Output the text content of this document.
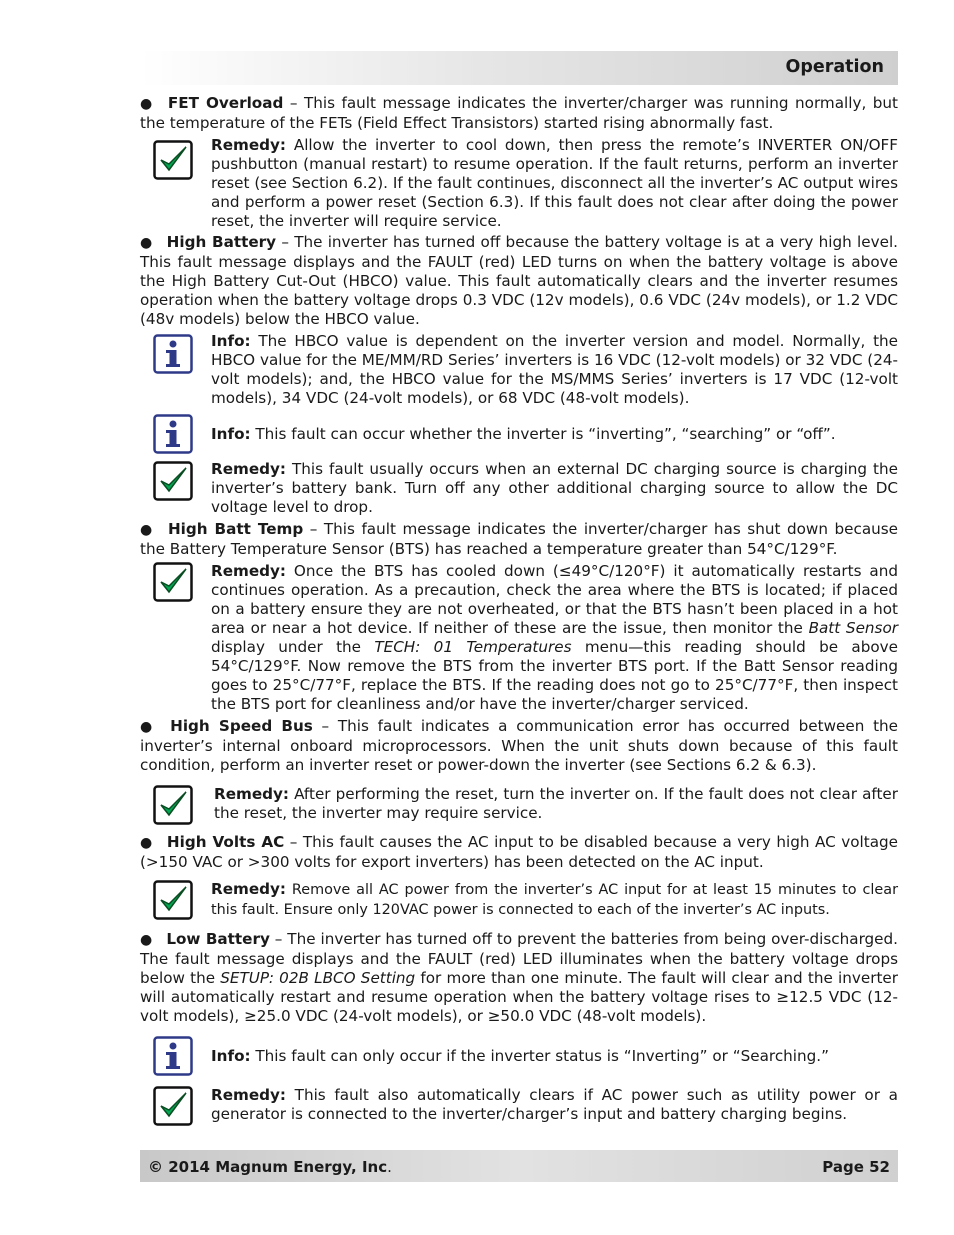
Operation

● FET Overload – This fault message indicates the inverter/charger was running normally, but the temperature of the FETs (Field Effect Transistors) started rising abnormally fast.

Remedy: Allow the inverter to cool down, then press the remote’s INVERTER ON/OFF pushbutton (manual restart) to resume operation. If the fault returns, perform an inverter reset (see Section 6.2). If the fault continues, disconnect all the inverter’s AC output wires and perform a power reset (Section 6.3). If this fault does not clear after doing the power reset, the inverter will require service.

● High Battery – The inverter has turned off because the battery voltage is at a very high level. This fault message displays and the FAULT (red) LED turns on when the battery voltage is above the High Battery Cut-Out (HBCO) value. This fault automatically clears and the inverter resumes operation when the battery voltage drops 0.3 VDC (12v models), 0.6 VDC (24v models), or 1.2 VDC (48v models) below the HBCO value.

Info: The HBCO value is dependent on the inverter version and model. Normally, the HBCO value for the ME/MM/RD Series’ inverters is 16 VDC (12-volt models) or 32 VDC (24-volt models); and, the HBCO value for the MS/MMS Series’ inverters is 17 VDC (12-volt models), 34 VDC (24-volt models), or 68 VDC (48-volt models).
Info: This fault can occur whether the inverter is “inverting”, “searching” or “off”.
Remedy: This fault usually occurs when an external DC charging source is charging the inverter’s battery bank. Turn off any other additional charging source to allow the DC voltage level to drop.

● High Batt Temp – This fault message indicates the inverter/charger has shut down because the Battery Temperature Sensor (BTS) has reached a temperature greater than 54°C/129°F.

Remedy: Once the BTS has cooled down (≤49°C/120°F) it automatically restarts and continues operation. As a precaution, check the area where the BTS is located; if placed on a battery ensure they are not overheated, or that the BTS hasn’t been placed in a hot area or near a hot device. If neither of these are the issue, then monitor the Batt Sensor display under the TECH: 01 Temperatures menu—this reading should be above 54°C/129°F. Now remove the BTS from the inverter BTS port. If the Batt Sensor reading goes to 25°C/77°F, replace the BTS. If the reading does not go to 25°C/77°F, then inspect the BTS port for cleanliness and/or have the inverter/charger serviced.

● High Speed Bus – This fault indicates a communication error has occurred between the inverter’s internal onboard microprocessors. When the unit shuts down because of this fault condition, perform an inverter reset or power-down the inverter (see Sections 6.2 & 6.3).

Remedy: After performing the reset, turn the inverter on. If the fault does not clear after the reset, the inverter may require service.

● High Volts AC – This fault causes the AC input to be disabled because a very high AC voltage (>150 VAC or >300 volts for export inverters) has been detected on the AC input.

Remedy: Remove all AC power from the inverter’s AC input for at least 15 minutes to clear this fault. Ensure only 120VAC power is connected to each of the inverter’s AC inputs.

● Low Battery – The inverter has turned off to prevent the batteries from being over-discharged. The fault message displays and the FAULT (red) LED illuminates when the battery voltage drops below the SETUP: 02B LBCO Setting for more than one minute. The fault will clear and the inverter will automatically restart and resume operation when the battery voltage rises to ≥12.5 VDC (12-volt models), ≥25.0 VDC (24-volt models), or ≥50.0 VDC (48-volt models).

Info: This fault can only occur if the inverter status is “Inverting” or “Searching.”
Remedy: This fault also automatically clears if AC power such as utility power or a generator is connected to the inverter/charger’s input and battery charging begins.
© 2014 Magnum Energy, Inc.	Page 52
